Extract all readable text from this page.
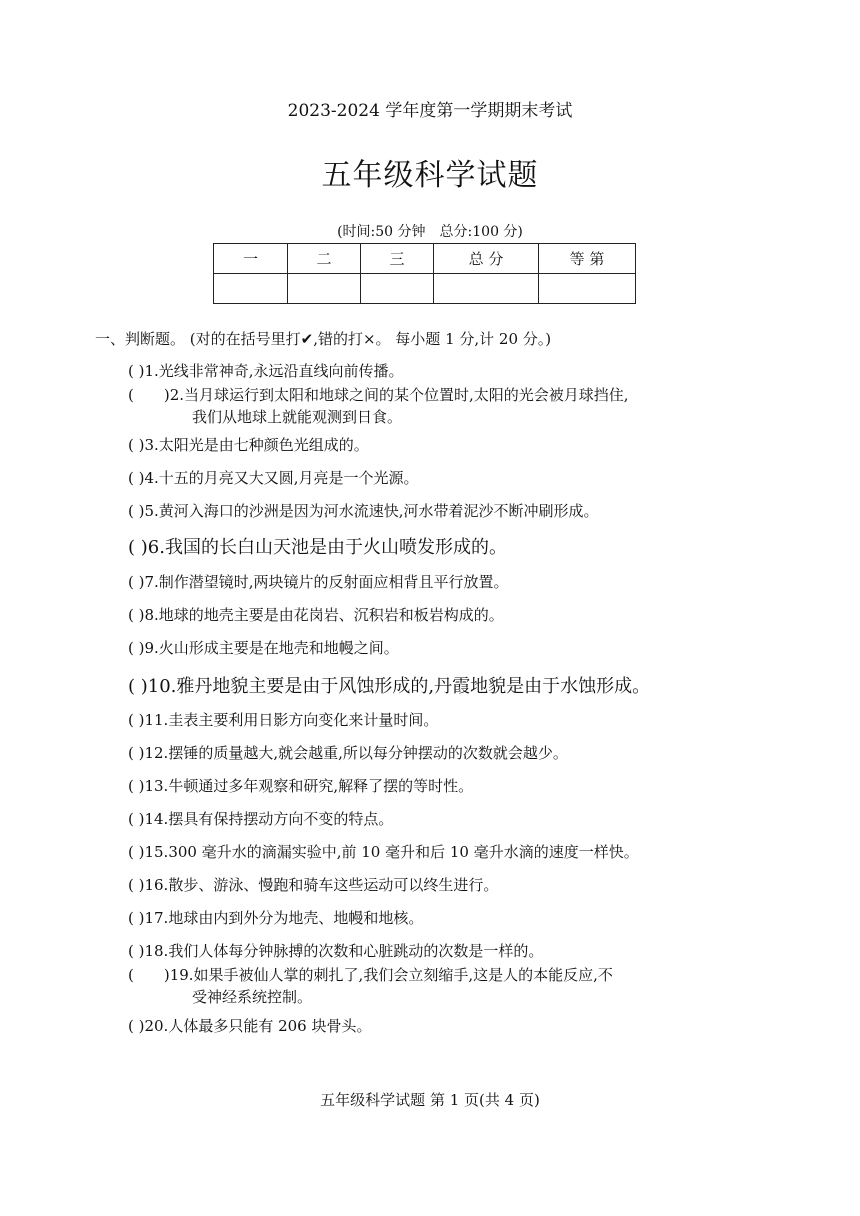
2023-2024 学年度第一学期期末考试
五年级科学试题
(时间:50 分钟　总分:100 分)
一	二	三	总 分	等 第

一、判断题。 (对的在括号里打✔,错的打×。 每小题 1 分,计 20 分。)
( )1.光线非常神奇,永远沿直线向前传播。
(　　)2.当月球运行到太阳和地球之间的某个位置时,太阳的光会被月球挡住,
我们从地球上就能观测到日食。
( )3.太阳光是由七种颜色光组成的。
( )4.十五的月亮又大又圆,月亮是一个光源。
( )5.黄河入海口的沙洲是因为河水流速快,河水带着泥沙不断冲刷形成。
( )6.我国的长白山天池是由于火山喷发形成的。
( )7.制作潜望镜时,两块镜片的反射面应相背且平行放置。
( )8.地球的地壳主要是由花岗岩、沉积岩和板岩构成的。
( )9.火山形成主要是在地壳和地幔之间。
( )10.雅丹地貌主要是由于风蚀形成的,丹霞地貌是由于水蚀形成。
( )11.圭表主要利用日影方向变化来计量时间。
( )12.摆锤的质量越大,就会越重,所以每分钟摆动的次数就会越少。
( )13.牛顿通过多年观察和研究,解释了摆的等时性。
( )14.摆具有保持摆动方向不变的特点。
( )15.300 毫升水的滴漏实验中,前 10 毫升和后 10 毫升水滴的速度一样快。
( )16.散步、游泳、慢跑和骑车这些运动可以终生进行。
( )17.地球由内到外分为地壳、地幔和地核。
( )18.我们人体每分钟脉搏的次数和心脏跳动的次数是一样的。
(　　)19.如果手被仙人掌的刺扎了,我们会立刻缩手,这是人的本能反应,不
受神经系统控制。
( )20.人体最多只能有 206 块骨头。
五年级科学试题 第 1 页(共 4 页)
